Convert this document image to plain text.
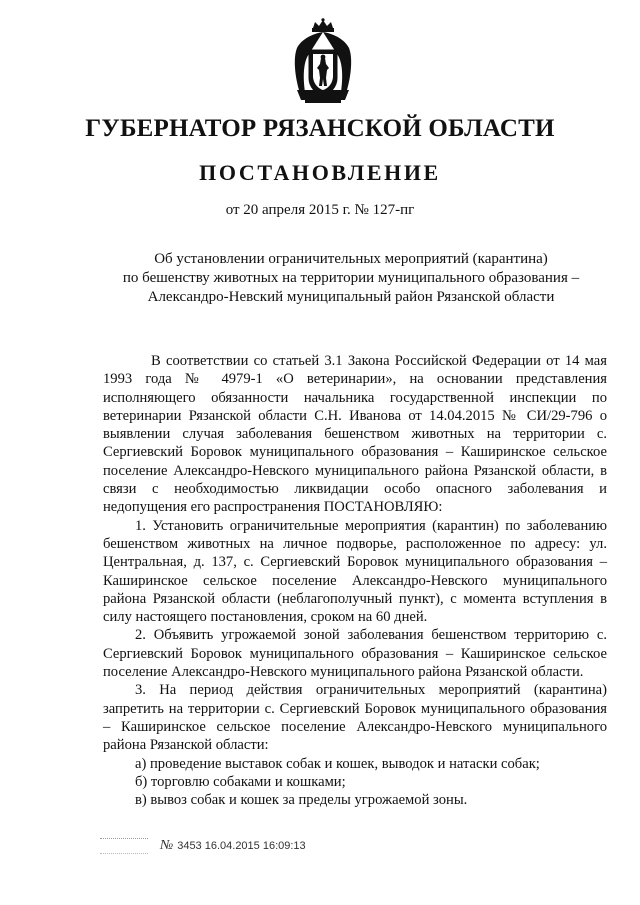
ГУБЕРНАТОР РЯЗАНСКОЙ ОБЛАСТИ
ПОСТАНОВЛЕНИЕ
от 20 апреля 2015 г. № 127-пг
Об установлении ограничительных мероприятий (карантина)
по бешенству животных на территории муниципального образования –
Александро-Невский муниципальный район Рязанской области

В соответствии со статьей 3.1 Закона Российской Федерации от 14 мая 1993 года № 4979-1 «О ветеринарии», на основании представления исполняющего обязанности начальника государственной инспекции по ветеринарии Рязанской области С.Н. Иванова от 14.04.2015 № СИ/29-796 о выявлении случая заболевания бешенством животных на территории с. Сергиевский Боровок муниципального образования – Каширинское сельское поселение Александро-Невского муниципального района Рязанской области, в связи с необходимостью ликвидации особо опасного заболевания и недопущения его распространения ПОСТАНОВЛЯЮ:

1. Установить ограничительные мероприятия (карантин) по заболеванию бешенством животных на личное подворье, расположенное по адресу: ул. Центральная, д. 137, с. Сергиевский Боровок муниципального образования – Каширинское сельское поселение Александро-Невского муниципального района Рязанской области (неблагополучный пункт), с момента вступления в силу настоящего постановления, сроком на 60 дней.

2. Объявить угрожаемой зоной заболевания бешенством территорию с. Сергиевский Боровок муниципального образования – Каширинское сельское поселение Александро-Невского муниципального района Рязанской области.

3. На период действия ограничительных мероприятий (карантина) запретить на территории с. Сергиевский Боровок муниципального образования – Каширинское сельское поселение Александро-Невского муниципального района Рязанской области:

а) проведение выставок собак и кошек, выводок и натаски собак;

б) торговлю собаками и кошками;

в) вывоз собак и кошек за пределы угрожаемой зоны.

№ 3453 16.04.2015 16:09:13
